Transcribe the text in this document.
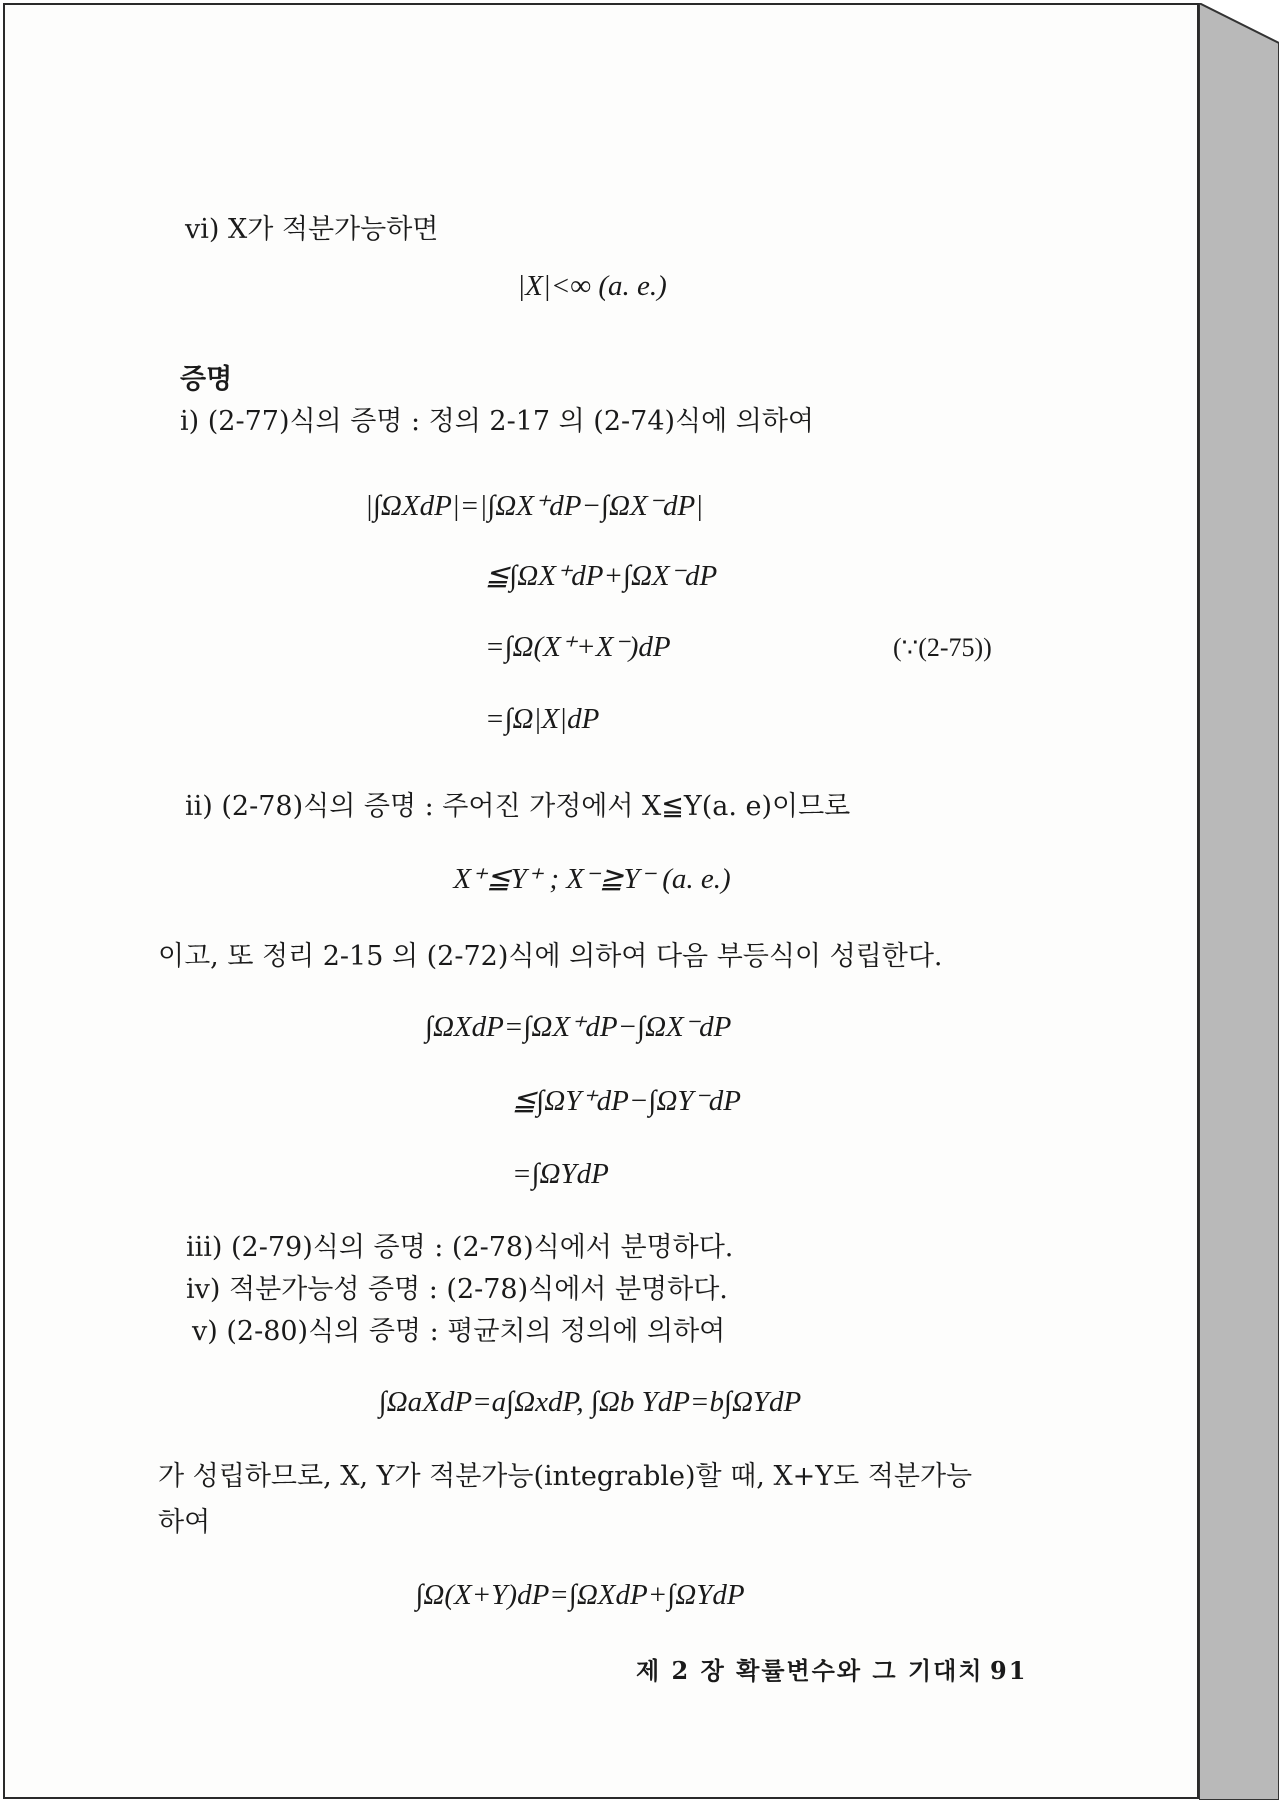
vi) X가 적분가능하면
|X|<∞ (a. e.)
증명
i) (2-77)식의 증명 : 정의 2-17 의 (2-74)식에 의하여
|∫ΩXdP|=|∫ΩX⁺dP−∫ΩX⁻dP|
≦∫ΩX⁺dP+∫ΩX⁻dP
=∫Ω(X⁺+X⁻)dP	(∵(2-75))
=∫Ω|X|dP
ii) (2-78)식의 증명 : 주어진 가정에서 X≦Y(a. e)이므로
X⁺≦Y⁺ ; X⁻≧Y⁻ (a. e.)
이고, 또 정리 2-15 의 (2-72)식에 의하여 다음 부등식이 성립한다.
∫ΩXdP=∫ΩX⁺dP−∫ΩX⁻dP
≦∫ΩY⁺dP−∫ΩY⁻dP
=∫ΩYdP
iii) (2-79)식의 증명 : (2-78)식에서 분명하다.
iv) 적분가능성 증명 : (2-78)식에서 분명하다.
v) (2-80)식의 증명 : 평균치의 정의에 의하여
∫ΩaXdP=a∫ΩxdP, ∫Ωb YdP=b∫ΩYdP
가 성립하므로, X, Y가 적분가능(integrable)할 때, X+Y도 적분가능
하여
∫Ω(X+Y)dP=∫ΩXdP+∫ΩYdP
제 2 장 확률변수와 그 기대치 91
